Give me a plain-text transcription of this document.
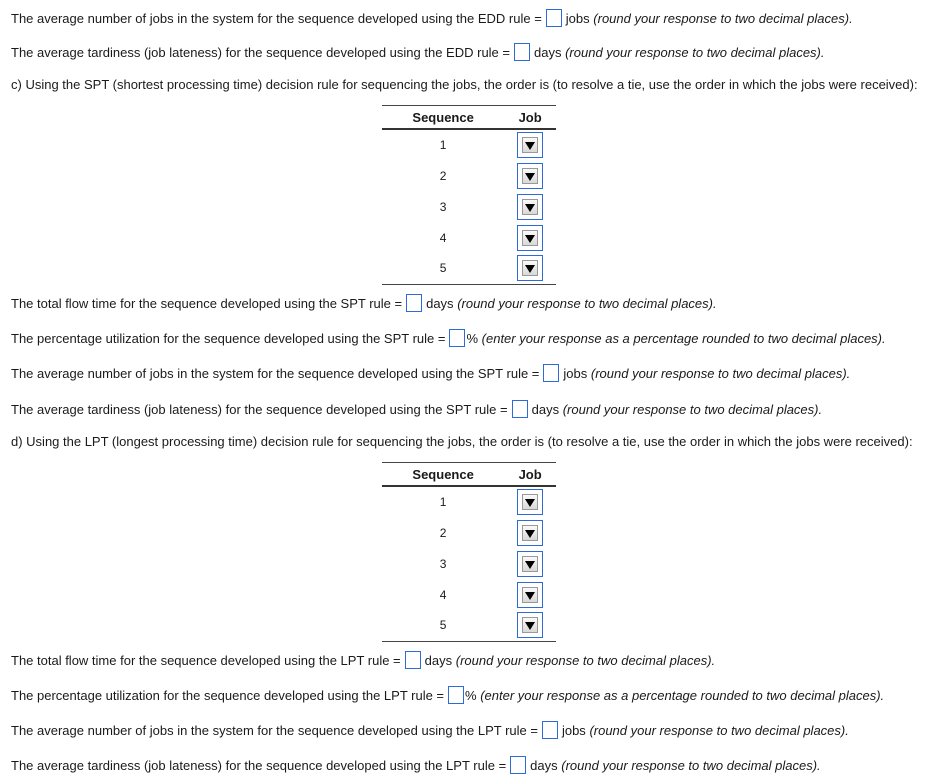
The average number of jobs in the system for the sequence developed using the EDD rule = jobs
(round your response to two decimal places).
The average tardiness (job lateness) for the sequence developed using the EDD rule = days
(round your response to two decimal places).
c) Using the SPT (shortest processing time) decision rule for sequencing the jobs, the order is (to resolve a tie, use the order in which the jobs were received):
Sequence	Job
1	

2	

3	

4	

5	
The total flow time for the sequence developed using the SPT rule = days
(round your response to two decimal places).
The percentage utilization for the sequence developed using the SPT rule = %
(enter your response as a percentage rounded to two decimal places).
The average number of jobs in the system for the sequence developed using the SPT rule = jobs
(round your response to two decimal places).
The average tardiness (job lateness) for the sequence developed using the SPT rule = days
(round your response to two decimal places).
d) Using the LPT (longest processing time) decision rule for sequencing the jobs, the order is (to resolve a tie, use the order in which the jobs were received):
Sequence	Job
1	

2	

3	

4	

5	
The total flow time for the sequence developed using the LPT rule = days
(round your response to two decimal places).
The percentage utilization for the sequence developed using the LPT rule = %
(enter your response as a percentage rounded to two decimal places).
The average number of jobs in the system for the sequence developed using the LPT rule = jobs
(round your response to two decimal places).
The average tardiness (job lateness) for the sequence developed using the LPT rule = days
(round your response to two decimal places).
